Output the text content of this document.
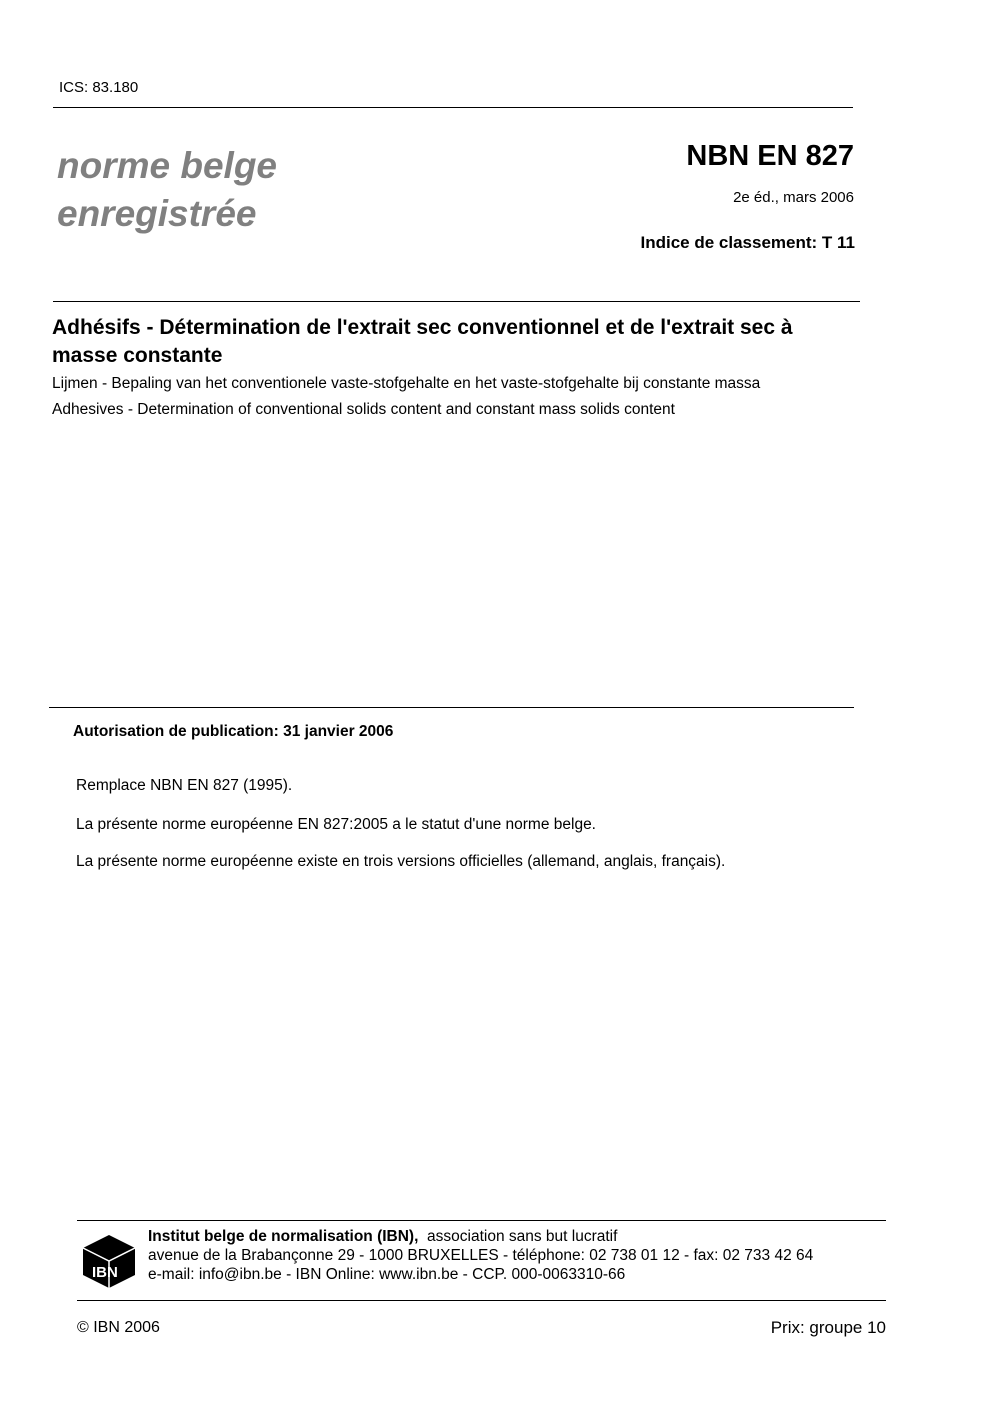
ICS: 83.180
norme belge enregistrée
NBN EN 827
2e éd., mars 2006
Indice de classement: T 11
Adhésifs - Détermination de l'extrait sec conventionnel et de l'extrait sec à masse constante
Lijmen - Bepaling van het conventionele vaste-stofgehalte en het vaste-stofgehalte bij constante massa
Adhesives - Determination of conventional solids content and constant mass solids content
Autorisation de publication: 31 janvier 2006
Remplace NBN EN 827 (1995).
La présente norme européenne EN 827:2005 a le statut d'une norme belge.
La présente norme européenne existe en trois versions officielles (allemand, anglais, français).
IBN
Institut belge de normalisation (IBN), association sans but lucratif
avenue de la Brabançonne 29 - 1000 BRUXELLES - téléphone: 02 738 01 12 - fax: 02 733 42 64
e-mail: info@ibn.be - IBN Online: www.ibn.be - CCP. 000-0063310-66
© IBN 2006	Prix: groupe 10
